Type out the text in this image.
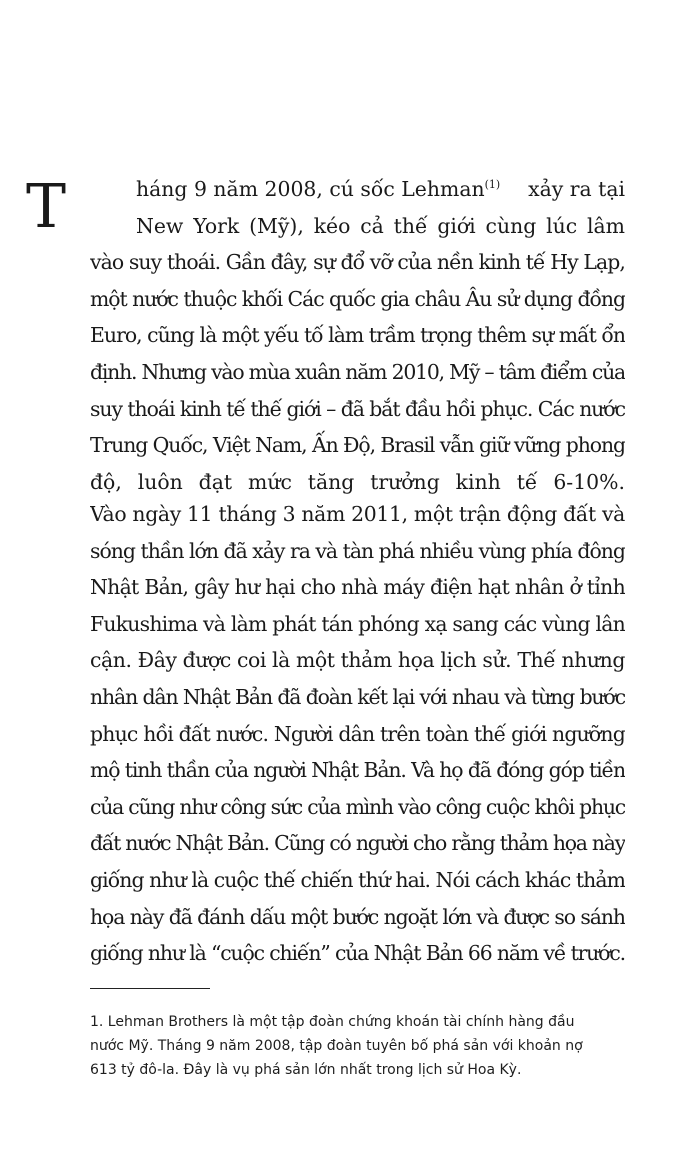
T	háng 9 năm 2008, cú sốc Lehman$^{(1)}$ xảy ra tại
New York (Mỹ), kéo cả thế giới cùng lúc lâm
vào suy thoái. Gần đây, sự đổ vỡ của nền kinh tế Hy Lạp,
một nước thuộc khối Các quốc gia châu Âu sử dụng đồng
Euro, cũng là một yếu tố làm trầm trọng thêm sự mất ổn
định. Nhưng vào mùa xuân năm 2010, Mỹ – tâm điểm của
suy thoái kinh tế thế giới – đã bắt đầu hồi phục. Các nước
Trung Quốc, Việt Nam, Ấn Độ, Brasil vẫn giữ vững phong
độ, luôn đạt mức tăng trưởng kinh tế 6-10%.
Vào ngày 11 tháng 3 năm 2011, một trận động đất và
sóng thần lớn đã xảy ra và tàn phá nhiều vùng phía đông
Nhật Bản, gây hư hại cho nhà máy điện hạt nhân ở tỉnh
Fukushima và làm phát tán phóng xạ sang các vùng lân
cận. Đây được coi là một thảm họa lịch sử. Thế nhưng
nhân dân Nhật Bản đã đoàn kết lại với nhau và từng bước
phục hồi đất nước. Người dân trên toàn thế giới ngưỡng
mộ tinh thần của người Nhật Bản. Và họ đã đóng góp tiền
của cũng như công sức của mình vào công cuộc khôi phục
đất nước Nhật Bản. Cũng có người cho rằng thảm họa này
giống như là cuộc thế chiến thứ hai. Nói cách khác thảm
họa này đã đánh dấu một bước ngoặt lớn và được so sánh
giống như là “cuộc chiến” của Nhật Bản 66 năm về trước.
1. Lehman Brothers là một tập đoàn chứng khoán tài chính hàng đầu
nước Mỹ. Tháng 9 năm 2008, tập đoàn tuyên bố phá sản với khoản nợ
613 tỷ đô-la. Đây là vụ phá sản lớn nhất trong lịch sử Hoa Kỳ.
